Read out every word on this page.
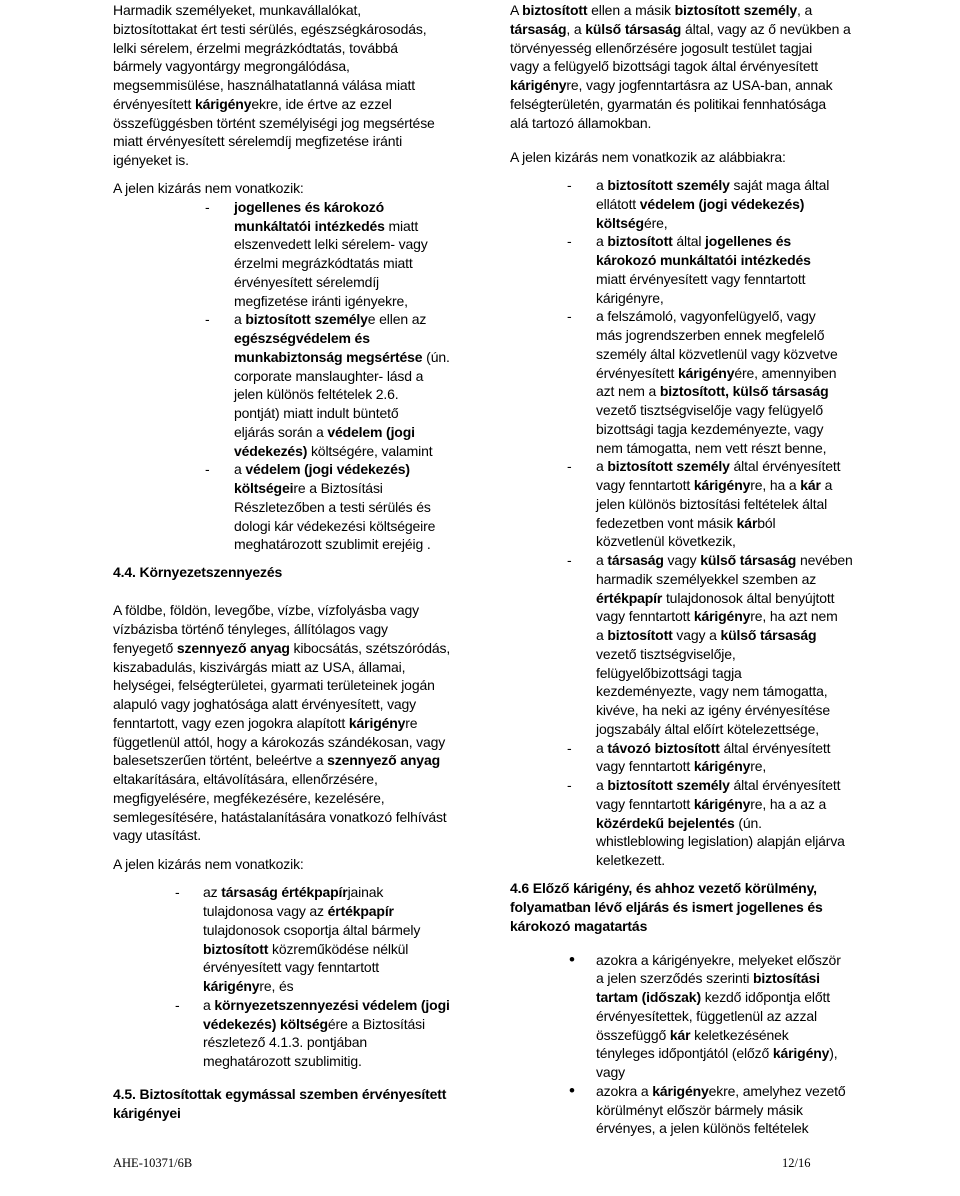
Harmadik személyeket, munkavállalókat,
biztosítottakat ért testi sérülés, egészségkárosodás,
lelki sérelem, érzelmi megrázkódtatás, továbbá
bármely vagyontárgy megrongálódása,
megsemmisülése, használhatatlanná válása miatt
érvényesített kárigényekre, ide értve az ezzel
összefüggésben történt személyiségi jog megsértése
miatt érvényesített sérelemdíj megfizetése iránti
igényeket is.
A jelen kizárás nem vonatkozik:
- jogellenes és károkozó
munkáltatói intézkedés miatt
elszenvedett lelki sérelem- vagy
érzelmi megrázkódtatás miatt
érvényesített sérelemdíj
megfizetése iránti igényekre,
- a biztosított személye ellen az
egészségvédelem és
munkabiztonság megsértése (ún.
corporate manslaughter- lásd a
jelen különös feltételek 2.6.
pontját) miatt indult büntető
eljárás során a védelem (jogi
védekezés) költségére, valamint
- a védelem (jogi védekezés)
költségeire a Biztosítási
Részletezőben a testi sérülés és
dologi kár védekezési költségeire
meghatározott szublimit erejéig .
4.4. Környezetszennyezés
A földbe, földön, levegőbe, vízbe, vízfolyásba vagy
vízbázisba történő tényleges, állítólagos vagy
fenyegető szennyező anyag kibocsátás, szétszóródás,
kiszabadulás, kiszivárgás miatt az USA, államai,
helységei, felségterületei, gyarmati területeinek jogán
alapuló vagy joghatósága alatt érvényesített, vagy
fenntartott, vagy ezen jogokra alapított kárigényre
függetlenül attól, hogy a károkozás szándékosan, vagy
balesetszerűen történt, beleértve a szennyező anyag
eltakarítására, eltávolítására, ellenőrzésére,
megfigyelésére, megfékezésére, kezelésére,
semlegesítésére, hatástalanítására vonatkozó felhívást
vagy utasítást.
A jelen kizárás nem vonatkozik:
- az társaság értékpapírjainak
tulajdonosa vagy az értékpapír
tulajdonosok csoportja által bármely
biztosított közreműködése nélkül
érvényesített vagy fenntartott
kárigényre, és
- a környezetszennyezési védelem (jogi
védekezés) költségére a Biztosítási
részletező 4.1.3. pontjában
meghatározott szublimitig.
4.5. Biztosítottak egymással szemben érvényesített
kárigényei
A biztosított ellen a másik biztosított személy, a
társaság, a külső társaság által, vagy az ő nevükben a
törvényesség ellenőrzésére jogosult testület tagjai
vagy a felügyelő bizottsági tagok által érvényesített
kárigényre, vagy jogfenntartásra az USA-ban, annak
felségterületén, gyarmatán és politikai fennhatósága
alá tartozó államokban.
A jelen kizárás nem vonatkozik az alábbiakra:
- a biztosított személy saját maga által
ellátott védelem (jogi védekezés)
költségére,
- a biztosított által jogellenes és
károkozó munkáltatói intézkedés
miatt érvényesített vagy fenntartott
kárigényre,
- a felszámoló, vagyonfelügyelő, vagy
más jogrendszerben ennek megfelelő
személy által közvetlenül vagy közvetve
érvényesített kárigényére, amennyiben
azt nem a biztosított, külső társaság
vezető tisztségviselője vagy felügyelő
bizottsági tagja kezdeményezte, vagy
nem támogatta, nem vett részt benne,
- a biztosított személy által érvényesített
vagy fenntartott kárigényre, ha a kár a
jelen különös biztosítási feltételek által
fedezetben vont másik kárból
közvetlenül következik,
- a társaság vagy külső társaság nevében
harmadik személyekkel szemben az
értékpapír tulajdonosok által benyújtott
vagy fenntartott kárigényre, ha azt nem
a biztosított vagy a külső társaság
vezető tisztségviselője,
felügyelőbizottsági tagja
kezdeményezte, vagy nem támogatta,
kivéve, ha neki az igény érvényesítése
jogszabály által előírt kötelezettsége,
- a távozó biztosított által érvényesített
vagy fenntartott kárigényre,
- a biztosított személy által érvényesített
vagy fenntartott kárigényre, ha a az a
közérdekű bejelentés (ún.
whistleblowing legislation) alapján eljárva
keletkezett.
4.6 Előző kárigény, és ahhoz vezető körülmény,
folyamatban lévő eljárás és ismert jogellenes és
károkozó magatartás
• azokra a kárigényekre, melyeket először
a jelen szerződés szerinti biztosítási
tartam (időszak) kezdő időpontja előtt
érvényesítettek, függetlenül az azzal
összefüggő kár keletkezésének
tényleges időpontjától (előző kárigény),
vagy
• azokra a kárigényekre, amelyhez vezető
körülményt először bármely másik
érvényes, a jelen különös feltételek
AHE-10371/6B	12/16
